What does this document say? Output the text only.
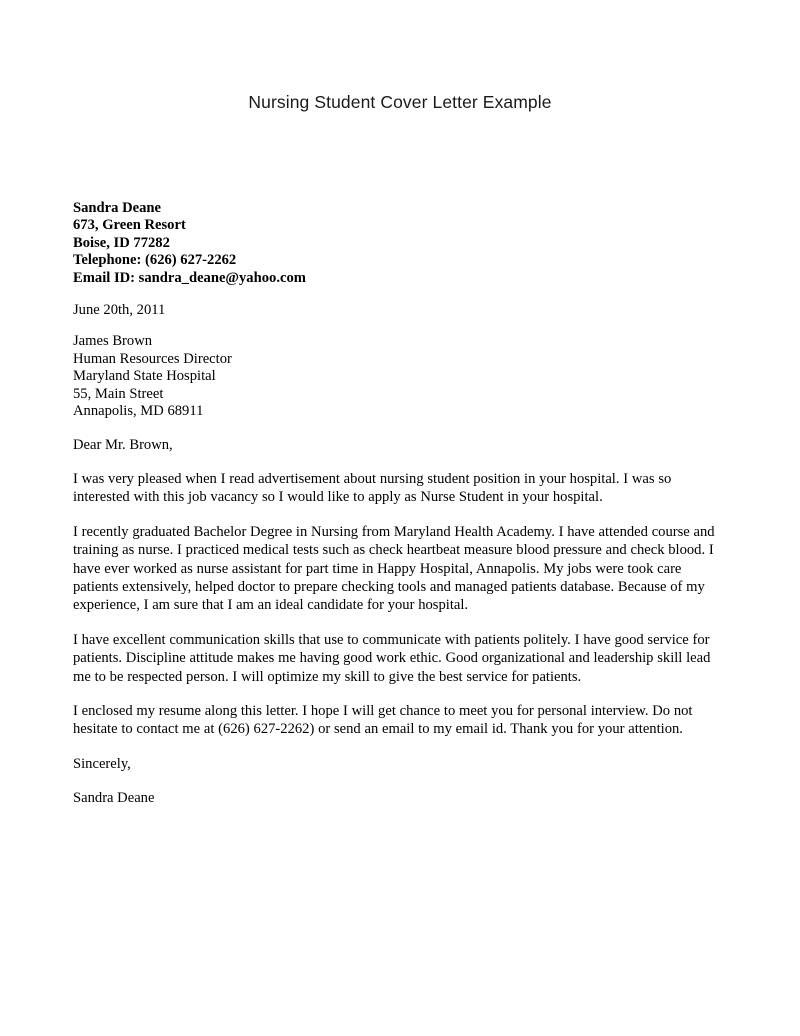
Nursing Student Cover Letter Example
Sandra Deane
673, Green Resort
Boise, ID 77282
Telephone: (626) 627-2262
Email ID: sandra_deane@yahoo.com
June 20th, 2011
James Brown
Human Resources Director
Maryland State Hospital
55, Main Street
Annapolis, MD 68911
Dear Mr. Brown,

I was very pleased when I read advertisement about nursing student position in your hospital. I was so interested with this job vacancy so I would like to apply as Nurse Student in your hospital.

I recently graduated Bachelor Degree in Nursing from Maryland Health Academy. I have attended course and training as nurse. I practiced medical tests such as check heartbeat measure blood pressure and check blood. I have ever worked as nurse assistant for part time in Happy Hospital, Annapolis. My jobs were took care patients extensively, helped doctor to prepare checking tools and managed patients database. Because of my experience, I am sure that I am an ideal candidate for your hospital.

I have excellent communication skills that use to communicate with patients politely. I have good service for patients. Discipline attitude makes me having good work ethic. Good organizational and leadership skill lead me to be respected person. I will optimize my skill to give the best service for patients.

I enclosed my resume along this letter. I hope I will get chance to meet you for personal interview. Do not hesitate to contact me at (626) 627-2262) or send an email to my email id. Thank you for your attention.

Sincerely,
Sandra Deane
